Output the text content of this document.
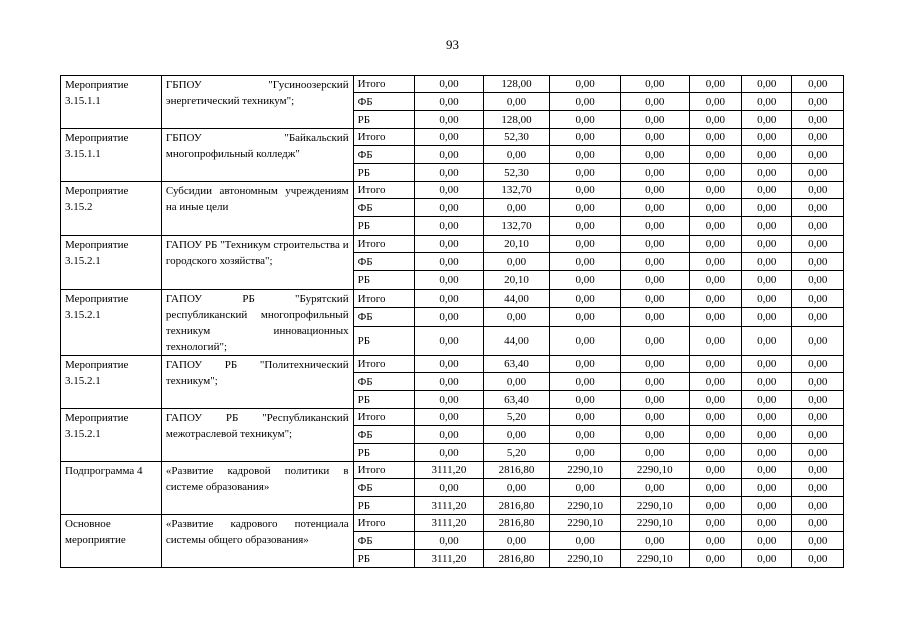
93
Мероприятие 3.15.1.1	ГБПОУ "Гусиноозерский энергетический техникум";	Итого	0,00	128,00	0,00	0,00	0,00	0,00	0,00
		ФБ	0,00	0,00	0,00	0,00	0,00	0,00	0,00
		РБ	0,00	128,00	0,00	0,00	0,00	0,00	0,00
Мероприятие 3.15.1.1	ГБПОУ "Байкальский многопрофильный колледж"	Итого	0,00	52,30	0,00	0,00	0,00	0,00	0,00
		ФБ	0,00	0,00	0,00	0,00	0,00	0,00	0,00
		РБ	0,00	52,30	0,00	0,00	0,00	0,00	0,00
Мероприятие 3.15.2	Субсидии автономным учреждениям на иные цели	Итого	0,00	132,70	0,00	0,00	0,00	0,00	0,00
		ФБ	0,00	0,00	0,00	0,00	0,00	0,00	0,00
		РБ	0,00	132,70	0,00	0,00	0,00	0,00	0,00
Мероприятие 3.15.2.1	ГАПОУ РБ "Техникум строительства и городского хозяйства";	Итого	0,00	20,10	0,00	0,00	0,00	0,00	0,00
		ФБ	0,00	0,00	0,00	0,00	0,00	0,00	0,00
		РБ	0,00	20,10	0,00	0,00	0,00	0,00	0,00
Мероприятие 3.15.2.1	ГАПОУ РБ "Бурятский республиканский многопрофильный техникум инновационных технологий";	Итого	0,00	44,00	0,00	0,00	0,00	0,00	0,00
		ФБ	0,00	0,00	0,00	0,00	0,00	0,00	0,00
		РБ	0,00	44,00	0,00	0,00	0,00	0,00	0,00
Мероприятие 3.15.2.1	ГАПОУ РБ "Политехнический техникум";	Итого	0,00	63,40	0,00	0,00	0,00	0,00	0,00
		ФБ	0,00	0,00	0,00	0,00	0,00	0,00	0,00
		РБ	0,00	63,40	0,00	0,00	0,00	0,00	0,00
Мероприятие 3.15.2.1	ГАПОУ РБ "Республиканский межотраслевой техникум";	Итого	0,00	5,20	0,00	0,00	0,00	0,00	0,00
		ФБ	0,00	0,00	0,00	0,00	0,00	0,00	0,00
		РБ	0,00	5,20	0,00	0,00	0,00	0,00	0,00
Подпрограмма 4	«Развитие кадровой политики в системе образования»	Итого	3111,20	2816,80	2290,10	2290,10	0,00	0,00	0,00
		ФБ	0,00	0,00	0,00	0,00	0,00	0,00	0,00
		РБ	3111,20	2816,80	2290,10	2290,10	0,00	0,00	0,00
Основное мероприятие	«Развитие кадрового потенциала системы общего образования»	Итого	3111,20	2816,80	2290,10	2290,10	0,00	0,00	0,00
		ФБ	0,00	0,00	0,00	0,00	0,00	0,00	0,00
		РБ	3111,20	2816,80	2290,10	2290,10	0,00	0,00	0,00
